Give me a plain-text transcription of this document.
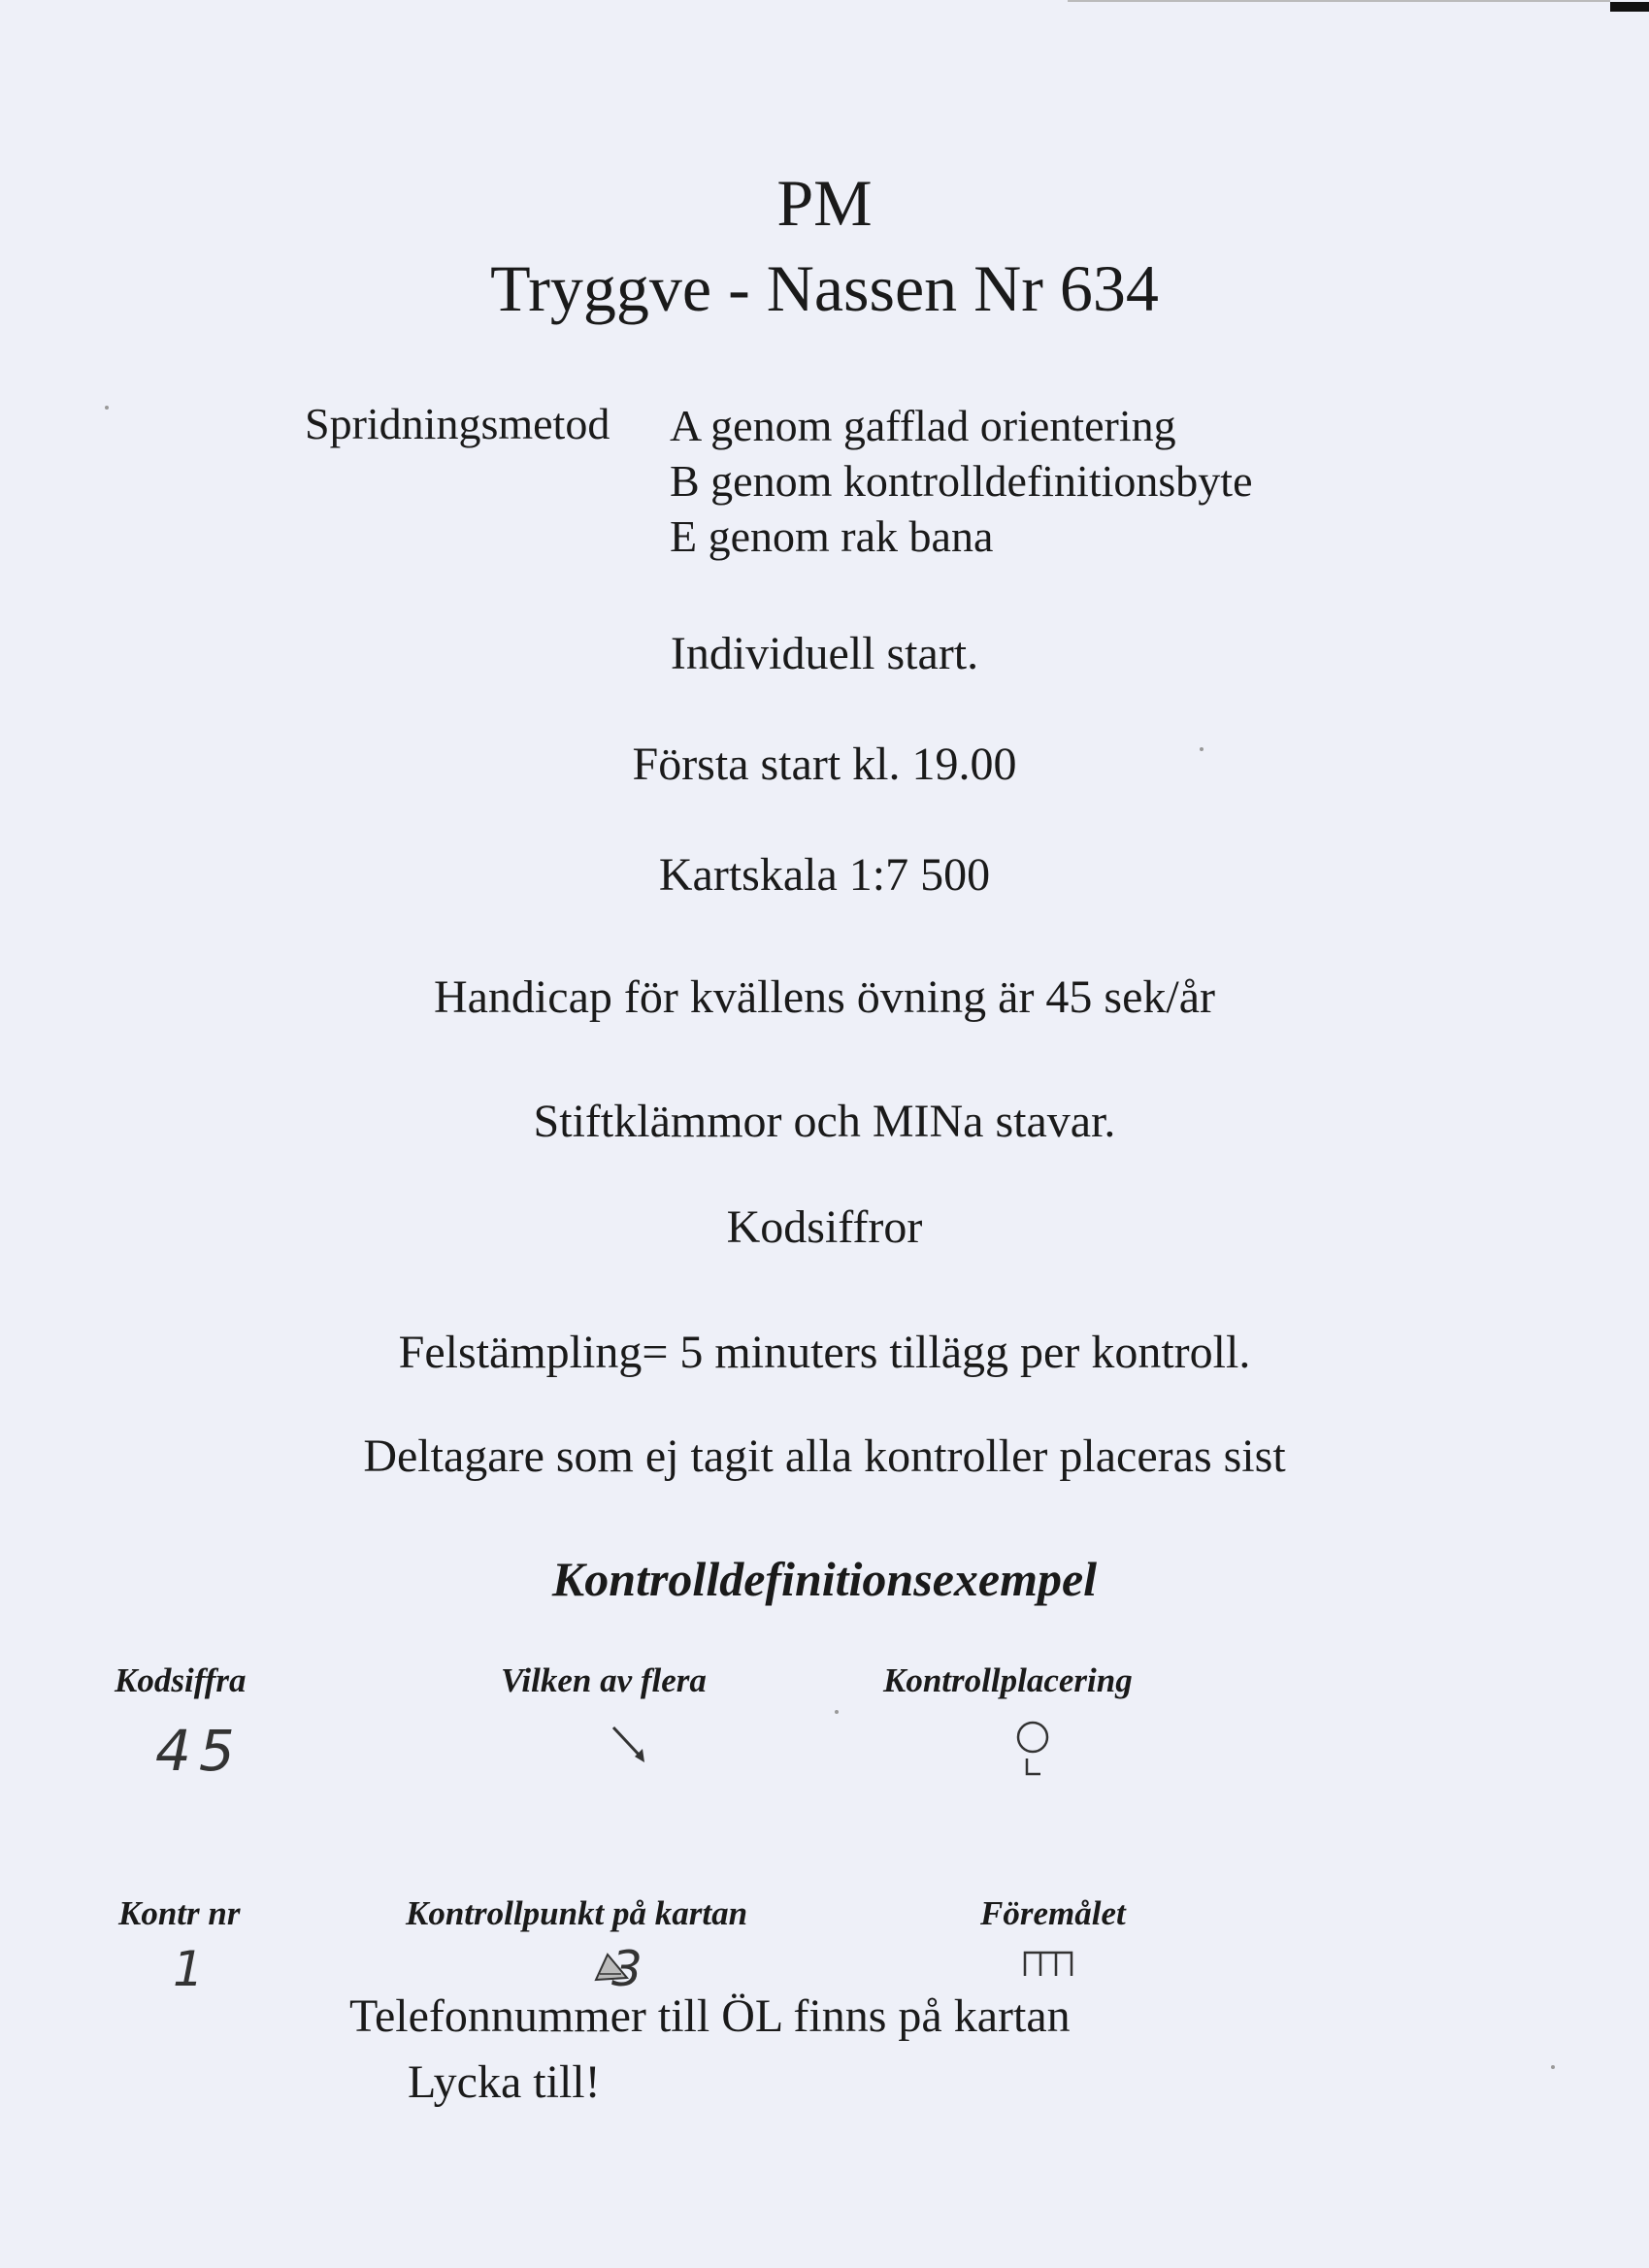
PM
Tryggve - Nassen Nr 634
Spridningsmetod A genom gafflad orientering
B genom kontrolldefinitionsbyte
E genom rak bana
Individuell start.
Första start kl. 19.00
Kartskala 1:7 500
Handicap för kvällens övning är 45 sek/år
Stiftklämmor och MINa stavar.
Kodsiffror
Felstämpling= 5 minuters tillägg per kontroll.
Deltagare som ej tagit alla kontroller placeras sist
Kontrolldefinitionsexempel
Kodsiffra	Vilken av flera	Kontrollplacering
45
Kontr nr	Kontrollpunkt på kartan	Föremålet
1	3
Telefonnummer till ÖL finns på kartan
Lycka till!
